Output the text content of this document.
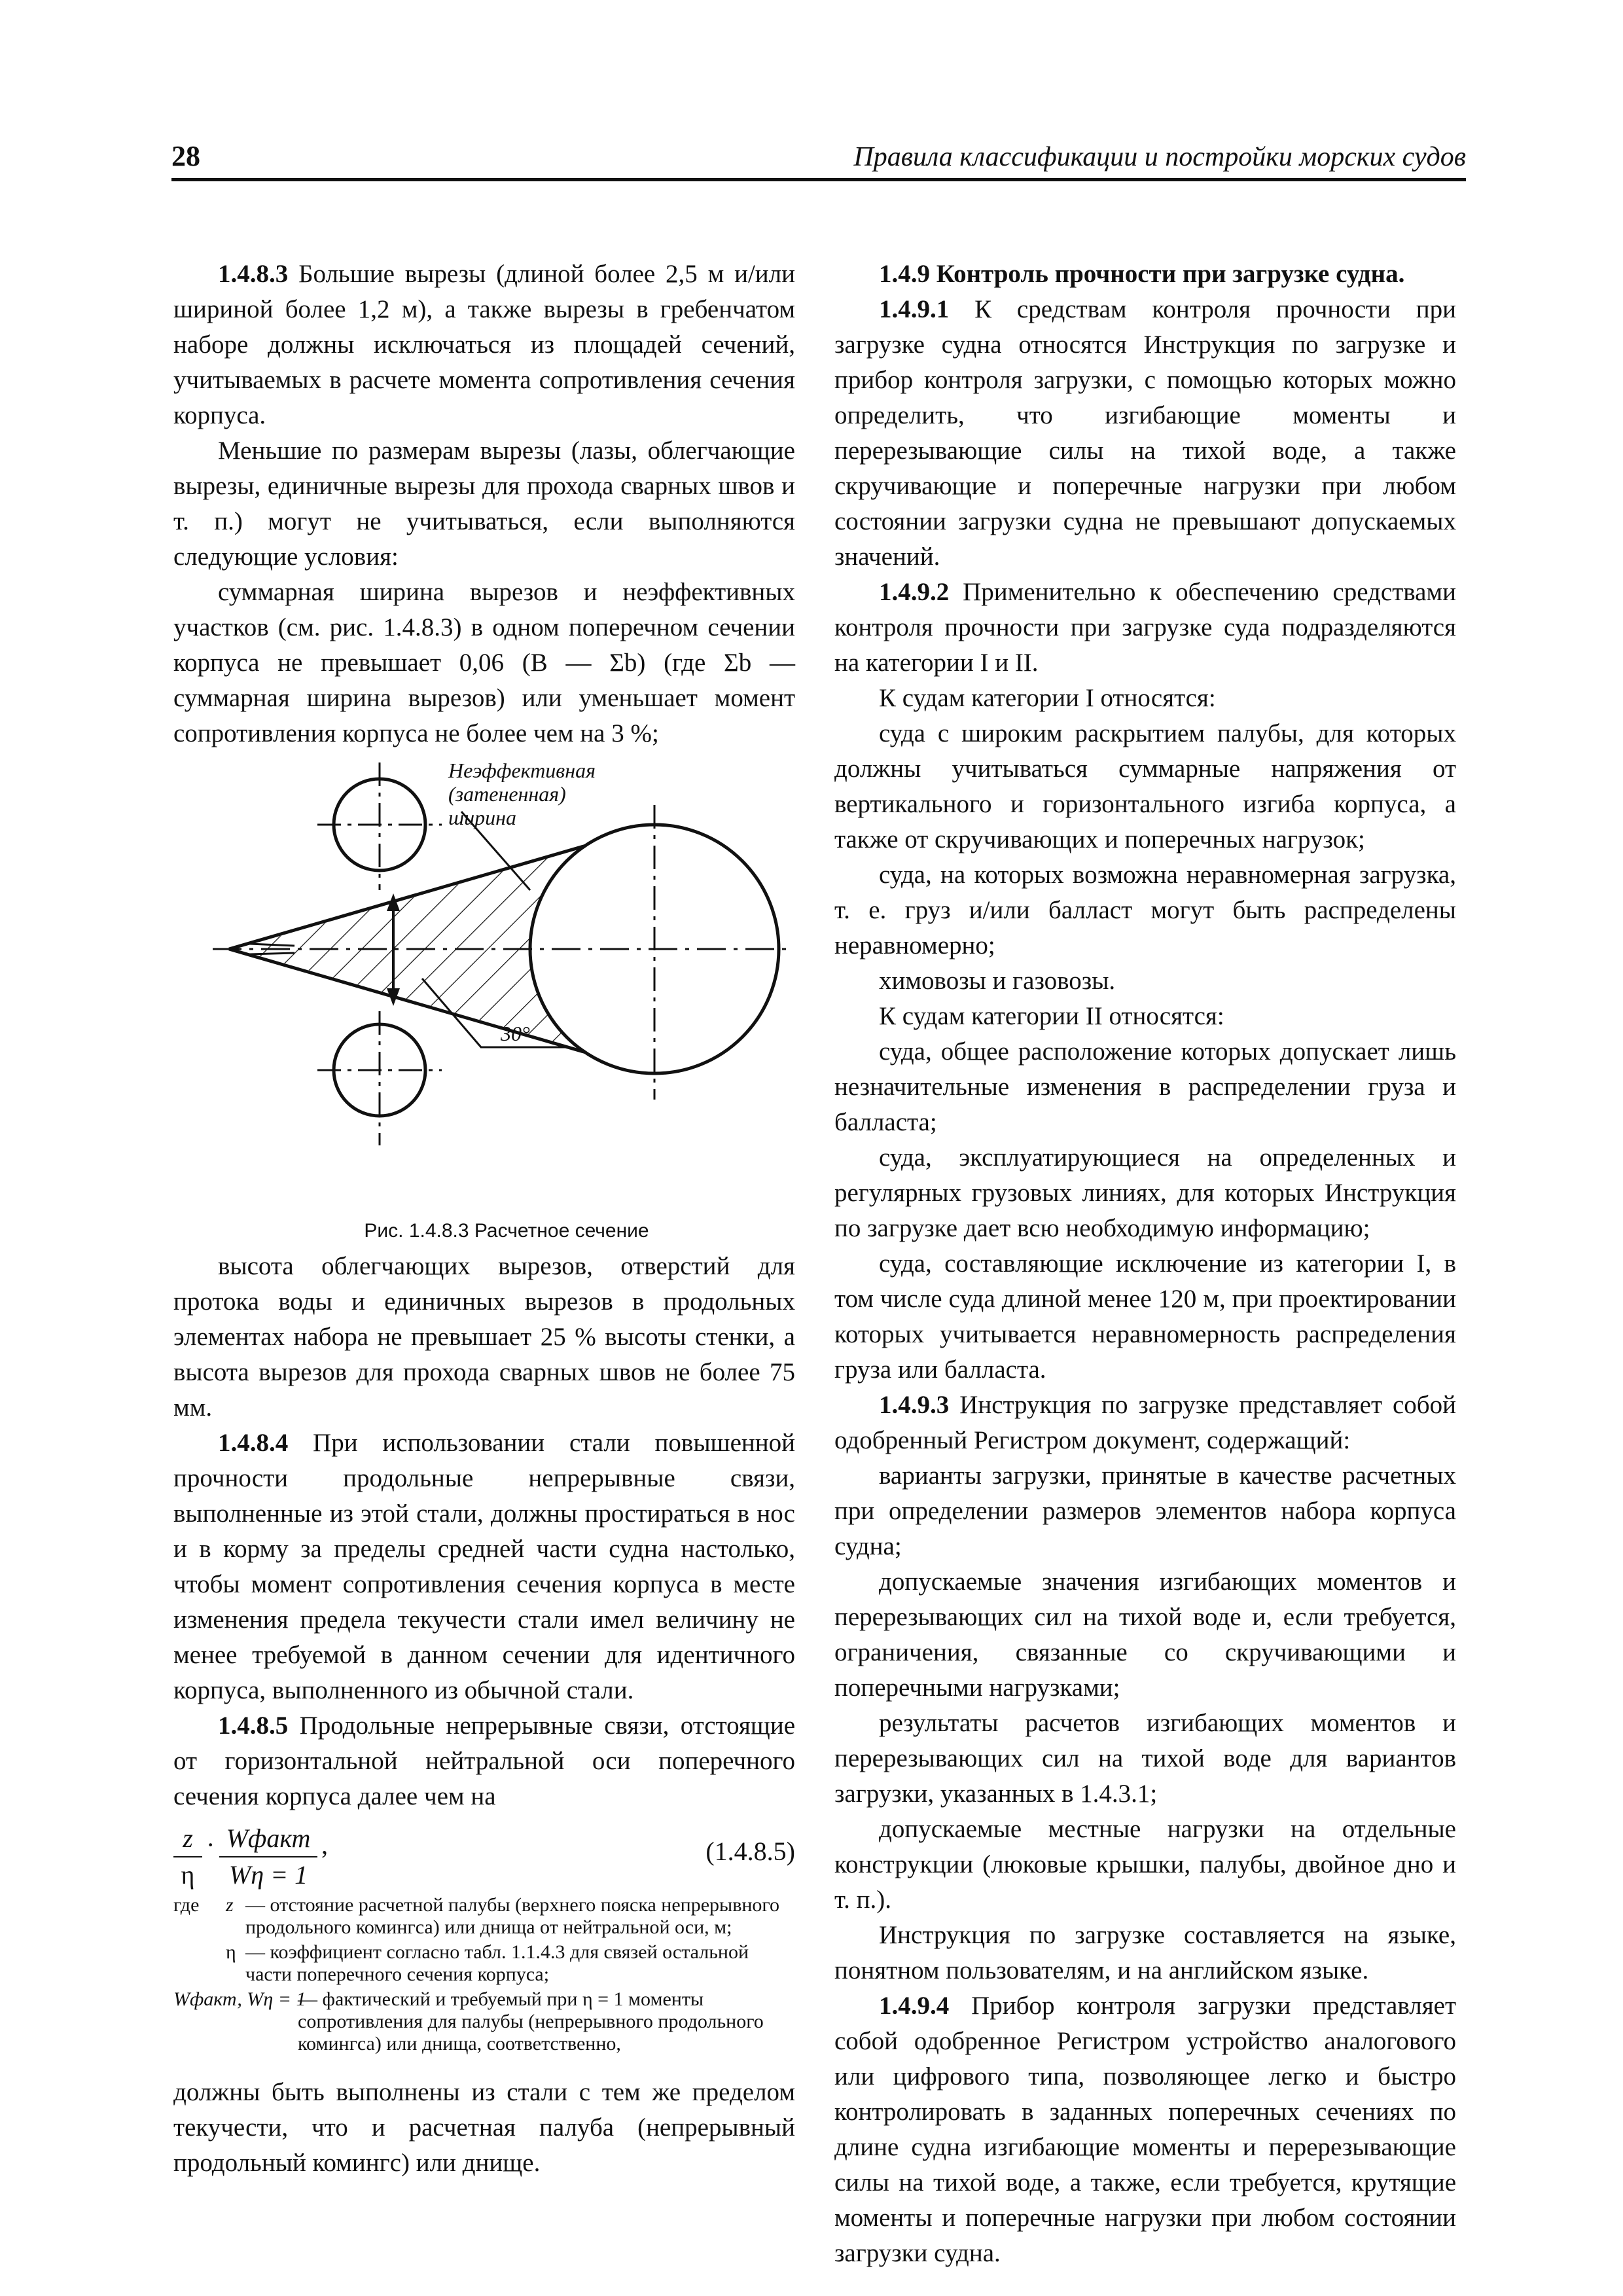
28	Правила классификации и постройки морских судов

1.4.8.3 Большие вырезы (длиной более 2,5 м и/или шириной более 1,2 м), а также вырезы в гребенчатом наборе должны исключаться из площадей сечений, учитываемых в расчете момента сопротивления сечения корпуса.

Меньшие по размерам вырезы (лазы, облегчающие вырезы, единичные вырезы для прохода сварных швов и т. п.) могут не учитываться, если выполняются следующие условия:

суммарная ширина вырезов и неэффективных участков (см. рис. 1.4.8.3) в одном поперечном сечении корпуса не превышает 0,06 (B — Σb) (где Σb — суммарная ширина вырезов) или уменьшает момент сопротивления корпуса не более чем на 3 %;

Неэффективная
(затененная)
ширина
30°

Рис. 1.4.8.3 Расчетное сечение

высота облегчающих вырезов, отверстий для протока воды и единичных вырезов в продольных элементах набора не превышает 25 % высоты стенки, а высота вырезов для прохода сварных швов не более 75 мм.

1.4.8.4 При использовании стали повышенной прочности продольные непрерывные связи, выполненные из этой стали, должны простираться в нос и в корму за пределы средней части судна настолько, чтобы момент сопротивления сечения корпуса в месте изменения предела текучести стали имел величину не менее требуемой в данном сечении для идентичного корпуса, выполненного из обычной стали.

1.4.8.5 Продольные непрерывные связи, отстоящие от горизонтальной нейтральной оси поперечного сечения корпуса далее чем на

$\frac{z}{\eta}$ · Wфакт
Wη = 1
,	(1.4.8.5)
где	z — отстояние расчетной палубы (верхнего пояска непрерывного продольного комингса) или днища от нейтральной оси, м;
η — коэффициент согласно табл. 1.1.4.3 для связей остальной части поперечного сечения корпуса;
Wфакт, Wη = 1
— фактический и требуемый при η = 1 моменты сопротивления для палубы (непрерывного продольного комингса) или днища, соответственно,

должны быть выполнены из стали с тем же пределом текучести, что и расчетная палуба (непрерывный продольный комингс) или днище.

1.4.9 Контроль прочности при загрузке судна.

1.4.9.1 К средствам контроля прочности при загрузке судна относятся Инструкция по загрузке и прибор контроля загрузки, с помощью которых можно определить, что изгибающие моменты и перерезывающие силы на тихой воде, а также скручивающие и поперечные нагрузки при любом состоянии загрузки судна не превышают допускаемых значений.

1.4.9.2 Применительно к обеспечению средствами контроля прочности при загрузке суда подразделяются на категории I и II.

К судам категории I относятся:

суда с широким раскрытием палубы, для которых должны учитываться суммарные напряжения от вертикального и горизонтального изгиба корпуса, а также от скручивающих и поперечных нагрузок;

суда, на которых возможна неравномерная загрузка, т. е. груз и/или балласт могут быть распределены неравномерно;

химовозы и газовозы.

К судам категории II относятся:

суда, общее расположение которых допускает лишь незначительные изменения в распределении груза и балласта;

суда, эксплуатирующиеся на определенных и регулярных грузовых линиях, для которых Инструкция по загрузке дает всю необходимую информацию;

суда, составляющие исключение из категории I, в том числе суда длиной менее 120 м, при проектировании которых учитывается неравномерность распределения груза или балласта.

1.4.9.3 Инструкция по загрузке представляет собой одобренный Регистром документ, содержащий:

варианты загрузки, принятые в качестве расчетных при определении размеров элементов набора корпуса судна;

допускаемые значения изгибающих моментов и перерезывающих сил на тихой воде и, если требуется, ограничения, связанные со скручивающими и поперечными нагрузками;

результаты расчетов изгибающих моментов и перерезывающих сил на тихой воде для вариантов загрузки, указанных в 1.4.3.1;

допускаемые местные нагрузки на отдельные конструкции (люковые крышки, палубы, двойное дно и т. п.).

Инструкция по загрузке составляется на языке, понятном пользователям, и на английском языке.

1.4.9.4 Прибор контроля загрузки представляет собой одобренное Регистром устройство аналогового или цифрового типа, позволяющее легко и быстро контролировать в заданных поперечных сечениях по длине судна изгибающие моменты и перерезывающие силы на тихой воде, а также, если требуется, крутящие моменты и поперечные нагрузки при любом состоянии загрузки судна.
